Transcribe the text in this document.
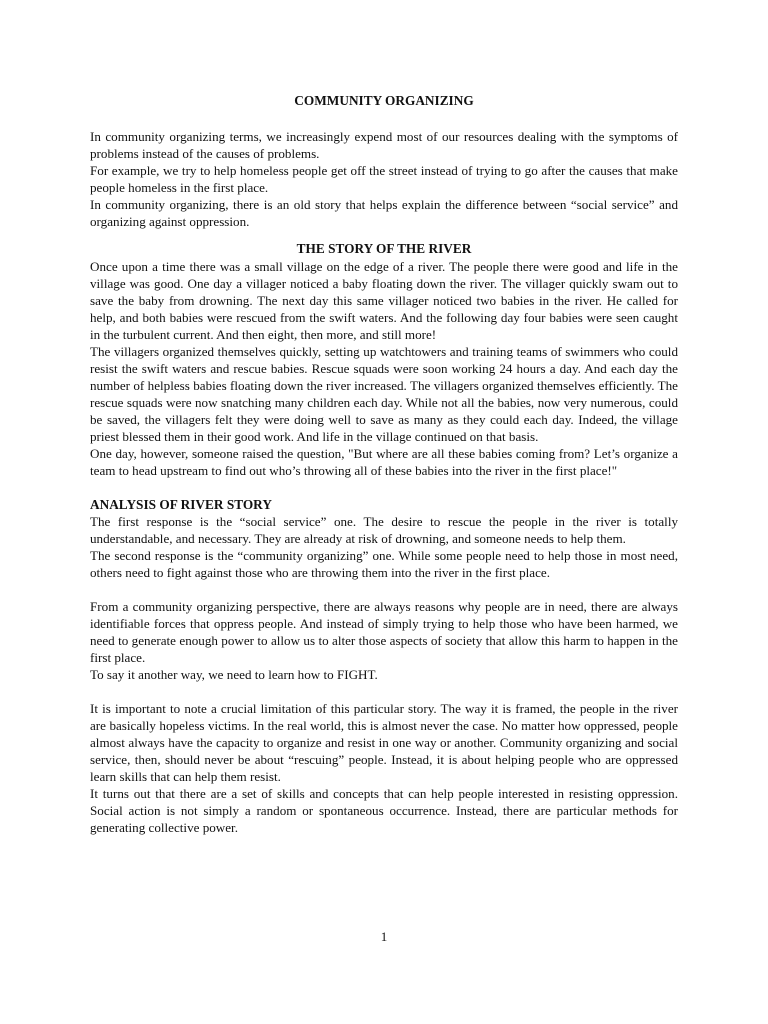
COMMUNITY ORGANIZING

In community organizing terms, we increasingly expend most of our resources dealing with the symptoms of problems instead of the causes of problems.

For example, we try to help homeless people get off the street instead of trying to go after the causes that make people homeless in the first place.

In community organizing, there is an old story that helps explain the difference between “social service” and organizing against oppression.

THE STORY OF THE RIVER

Once upon a time there was a small village on the edge of a river. The people there were good and life in the village was good. One day a villager noticed a baby floating down the river. The villager quickly swam out to save the baby from drowning. The next day this same villager noticed two babies in the river. He called for help, and both babies were rescued from the swift waters. And the following day four babies were seen caught in the turbulent current. And then eight, then more, and still more!

The villagers organized themselves quickly, setting up watchtowers and training teams of swimmers who could resist the swift waters and rescue babies. Rescue squads were soon working 24 hours a day. And each day the number of helpless babies floating down the river increased. The villagers organized themselves efficiently. The rescue squads were now snatching many children each day. While not all the babies, now very numerous, could be saved, the villagers felt they were doing well to save as many as they could each day. Indeed, the village priest blessed them in their good work. And life in the village continued on that basis.

One day, however, someone raised the question, "But where are all these babies coming from? Let’s organize a team to head upstream to find out who’s throwing all of these babies into the river in the first place!"

ANALYSIS OF RIVER STORY

The first response is the “social service” one. The desire to rescue the people in the river is totally understandable, and necessary. They are already at risk of drowning, and someone needs to help them.

The second response is the “community organizing” one. While some people need to help those in most need, others need to fight against those who are throwing them into the river in the first place.

From a community organizing perspective, there are always reasons why people are in need, there are always identifiable forces that oppress people. And instead of simply trying to help those who have been harmed, we need to generate enough power to allow us to alter those aspects of society that allow this harm to happen in the first place.

To say it another way, we need to learn how to FIGHT.

It is important to note a crucial limitation of this particular story. The way it is framed, the people in the river are basically hopeless victims. In the real world, this is almost never the case. No matter how oppressed, people almost always have the capacity to organize and resist in one way or another. Community organizing and social service, then, should never be about “rescuing” people. Instead, it is about helping people who are oppressed learn skills that can help them resist.

It turns out that there are a set of skills and concepts that can help people interested in resisting oppression. Social action is not simply a random or spontaneous occurrence. Instead, there are particular methods for generating collective power.

1
